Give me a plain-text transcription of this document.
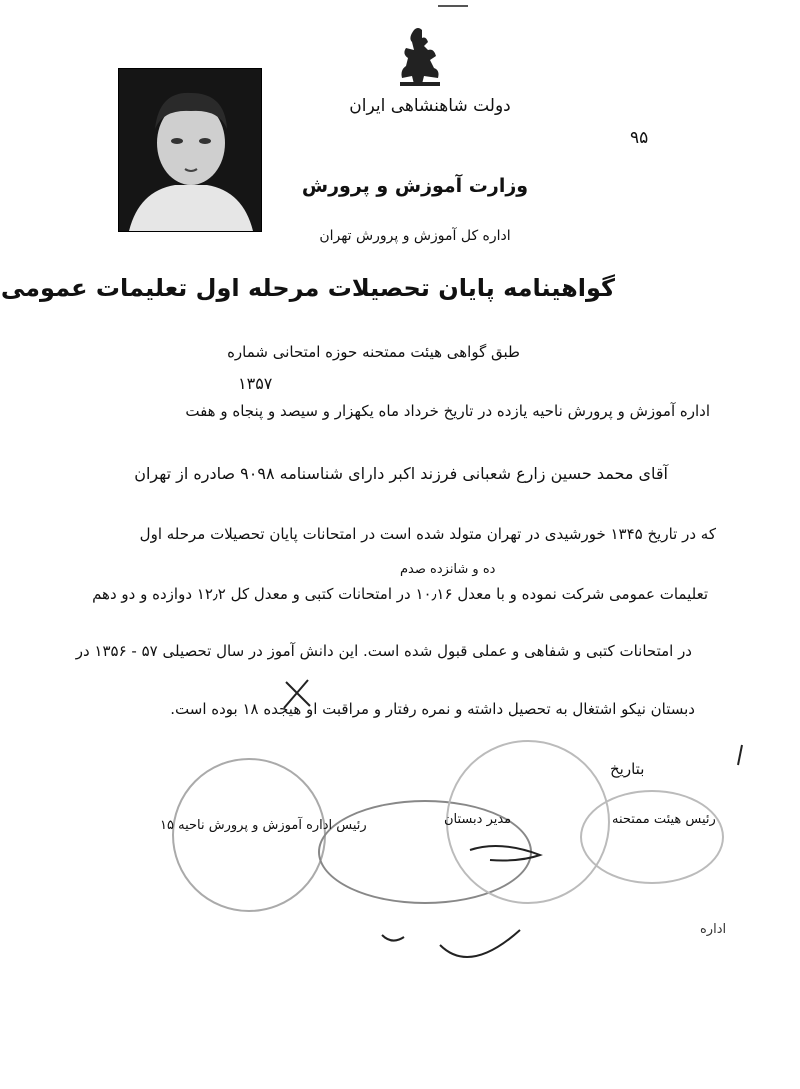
دولت شاهنشاهی ایران
۹۵
وزارت آموزش و پرورش
اداره کل آموزش و پرورش تهران
گواهینامه پایان تحصیلات مرحله اول تعلیمات عمومی
طبق گواهی هیئت ممتحنه حوزه امتحانی شماره
۱۳۵۷
اداره آموزش و پرورش ناحیه یازده در تاریخ خرداد ماه یکهزار و سیصد و پنجاه و هفت
آقای محمد حسین زارع شعبانی فرزند اکبر دارای شناسنامه ۹۰۹۸ صادره از تهران
که در تاریخ ۱۳۴۵ خورشیدی در تهران متولد شده است در امتحانات پایان تحصیلات مرحله اول
ده و شانزده صدم
تعلیمات عمومی شرکت نموده و با معدل ۱۰٫۱۶ در امتحانات کتبی و معدل کل ۱۲٫۲ دوازده و دو دهم
در امتحانات کتبی و شفاهی و عملی قبول شده است. این دانش آموز در سال تحصیلی ۵۷ - ۱۳۵۶ در
دبستان نیکو اشتغال به تحصیل داشته و نمره رفتار و مراقبت او هیجده ۱۸ بوده است.
بتاریخ
رئیس هیئت ممتحنه
مدیر دبستان
رئیس اداره آموزش و پرورش ناحیه ۱۵
اداره
